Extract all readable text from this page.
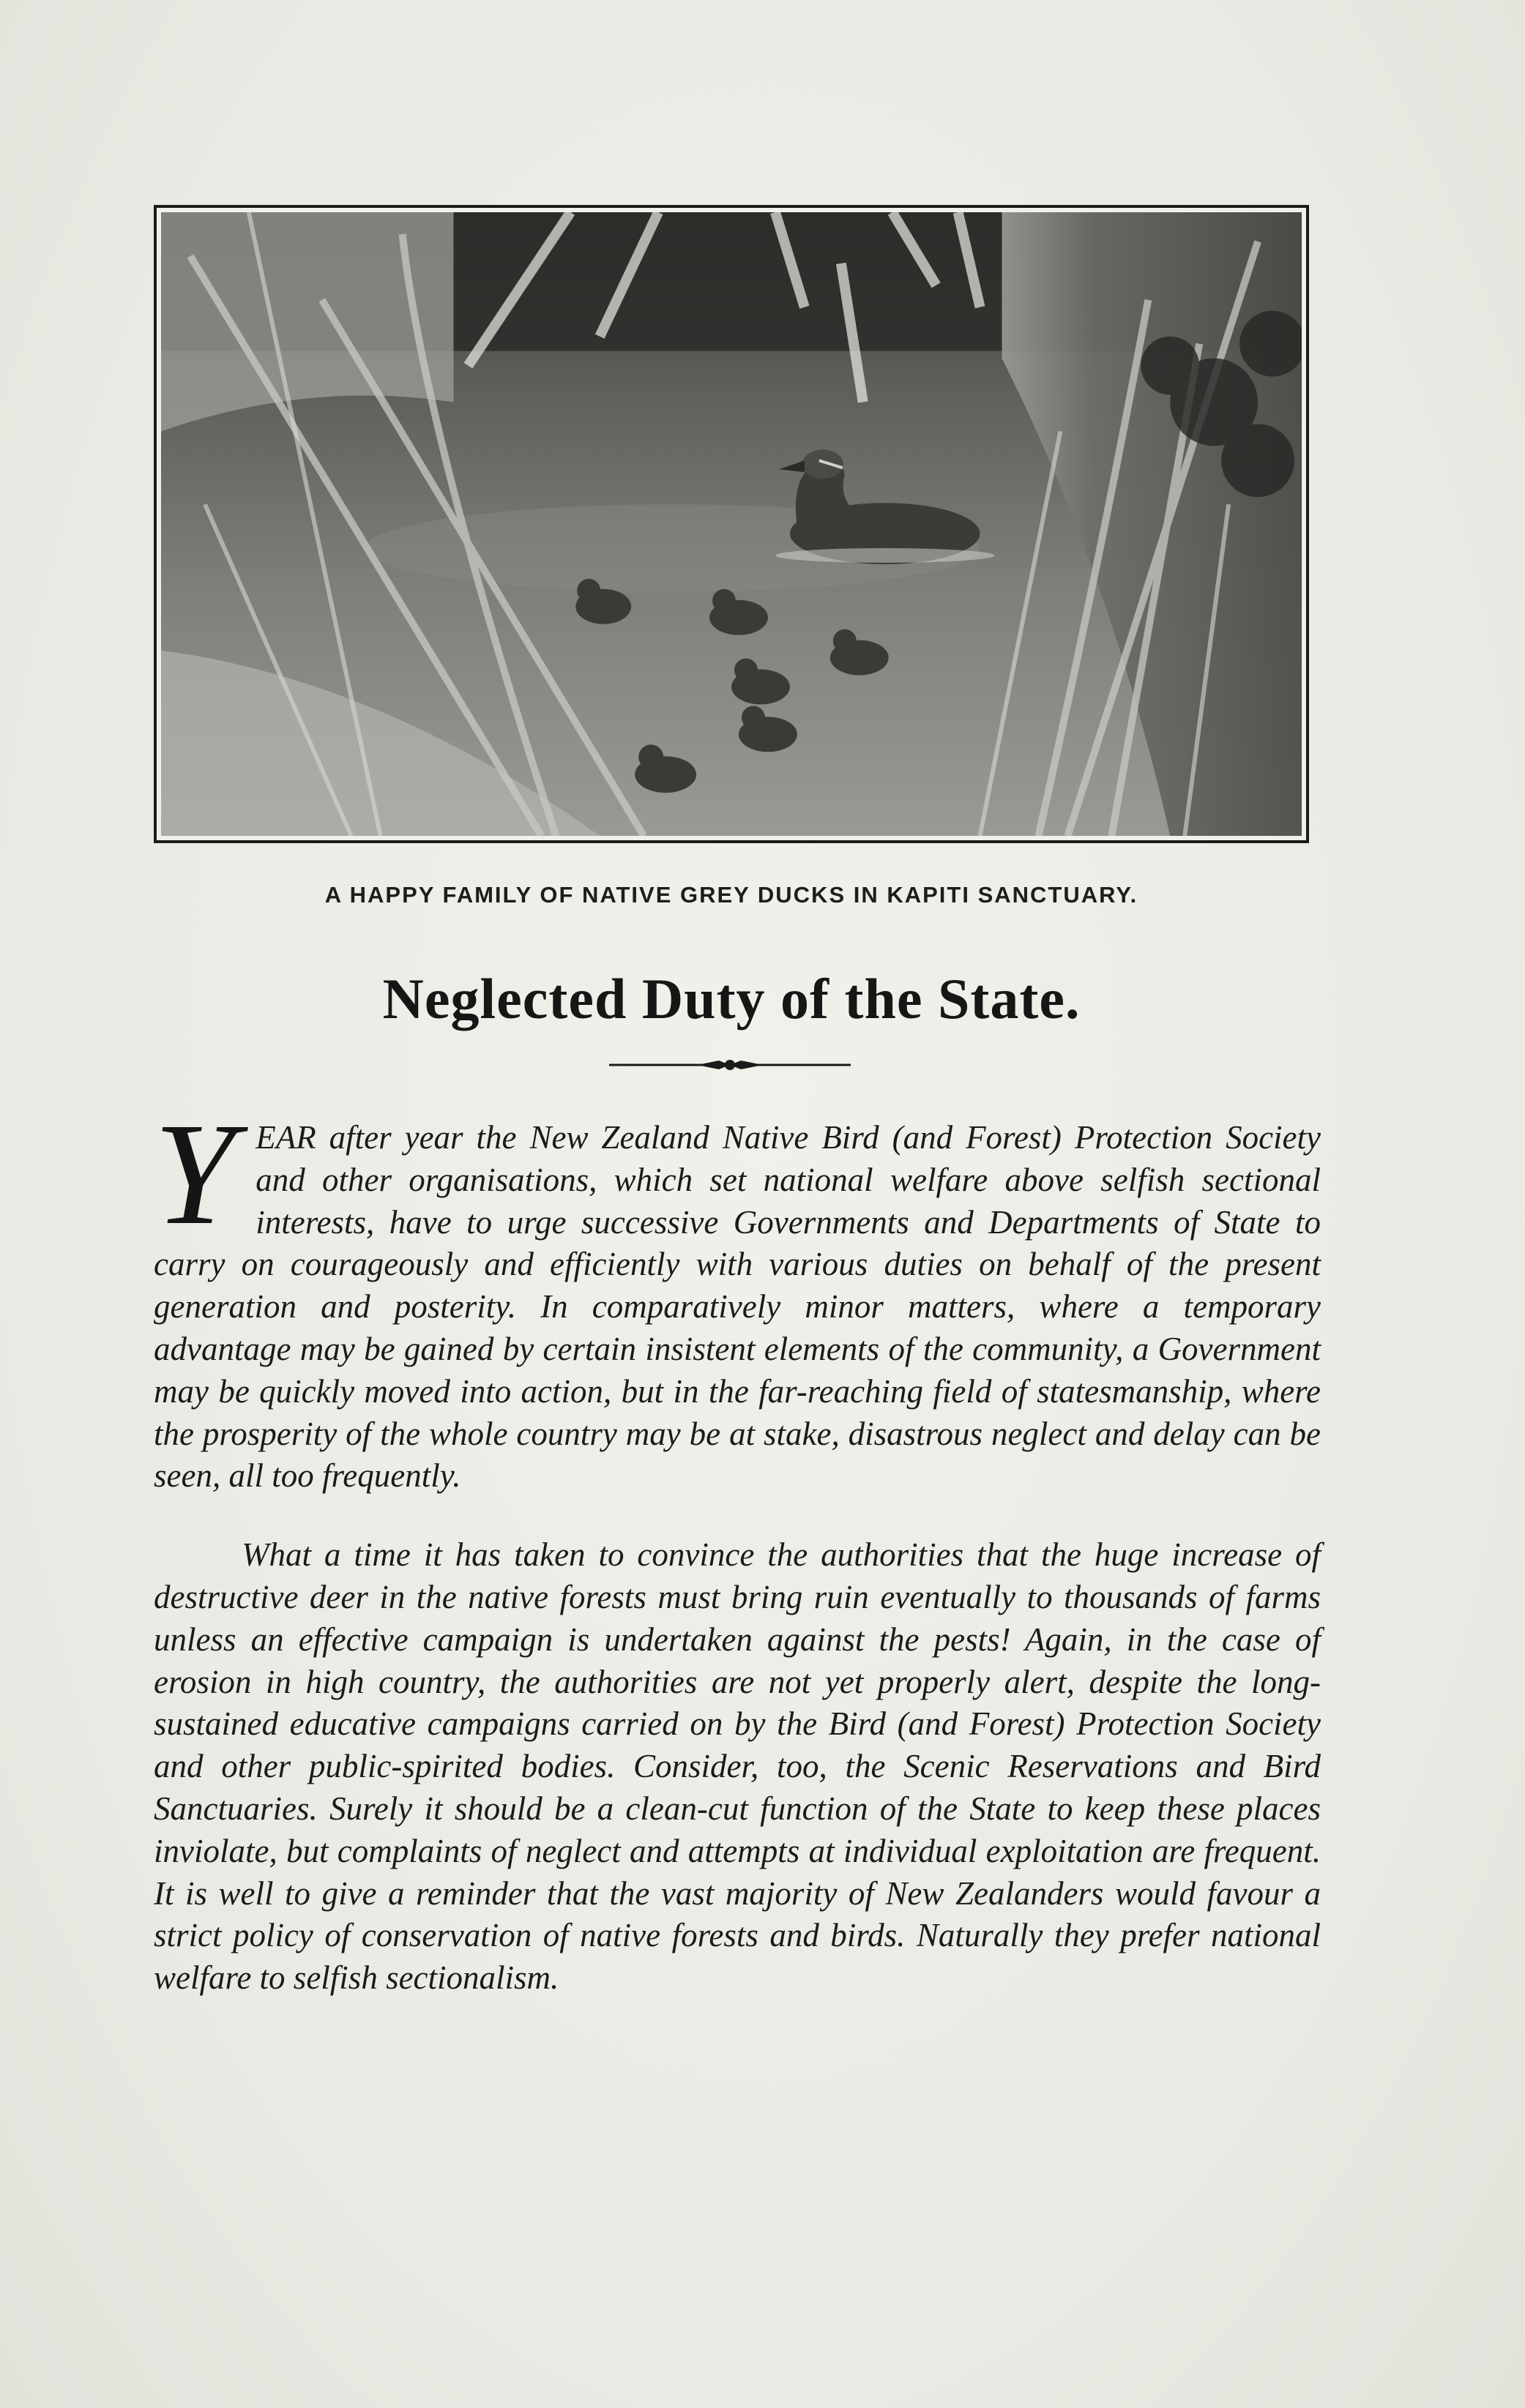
A HAPPY FAMILY OF NATIVE GREY DUCKS IN KAPITI SANCTUARY.
Neglected Duty of the State.

YEAR after year the New Zealand Native Bird (and Forest) Protection Society and other organisations, which set national welfare above selfish sectional interests, have to urge successive Governments and Departments of State to carry on courageously and efficiently with various duties on behalf of the present generation and posterity. In comparatively minor matters, where a temporary advantage may be gained by certain insistent elements of the community, a Government may be quickly moved into action, but in the far-reaching field of statesmanship, where the prosperity of the whole country may be at stake, disastrous neglect and delay can be seen, all too frequently.

What a time it has taken to convince the authorities that the huge increase of destructive deer in the native forests must bring ruin eventually to thousands of farms unless an effective campaign is undertaken against the pests! Again, in the case of erosion in high country, the authorities are not yet properly alert, despite the long-sustained educative campaigns carried on by the Bird (and Forest) Protection Society and other public-spirited bodies. Consider, too, the Scenic Reservations and Bird Sanctuaries. Surely it should be a clean-cut function of the State to keep these places inviolate, but complaints of neglect and attempts at individual exploitation are frequent. It is well to give a reminder that the vast majority of New Zealanders would favour a strict policy of conservation of native forests and birds. Naturally they prefer national welfare to selfish sectionalism.
